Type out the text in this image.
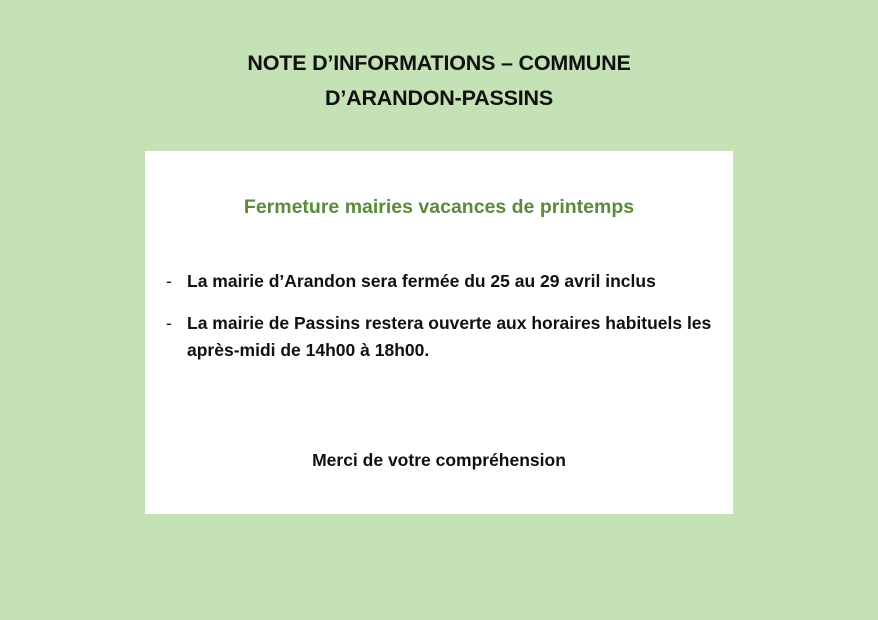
NOTE D’INFORMATIONS – COMMUNE
D’ARANDON-PASSINS
Fermeture mairies vacances de printemps
- La mairie d’Arandon sera fermée du 25 au 29 avril inclus
- La mairie de Passins restera ouverte aux horaires habituels les après-midi de 14h00 à 18h00.
Merci de votre compréhension
